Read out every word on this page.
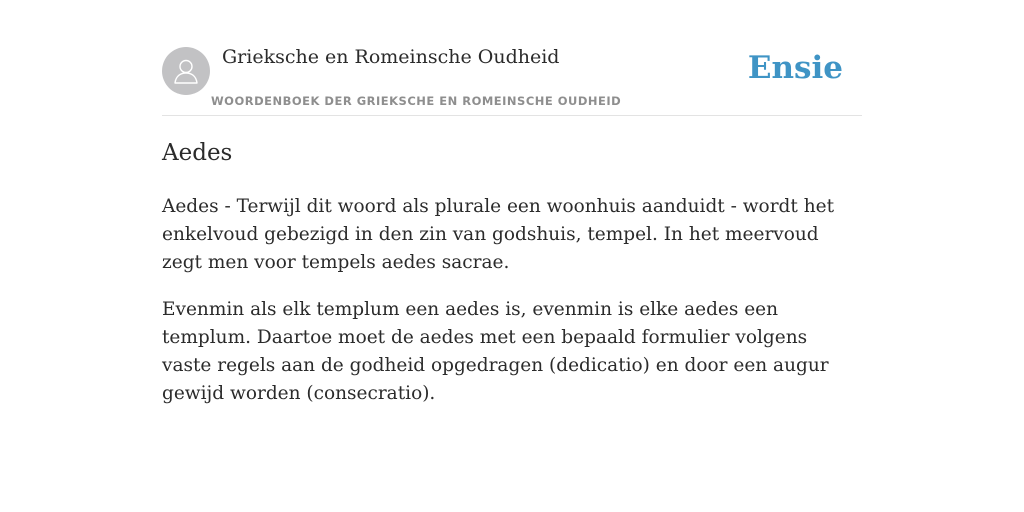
Grieksche en Romeinsche Oudheid
WOORDENBOEK DER GRIEKSCHE EN ROMEINSCHE OUDHEID
Ensie
Aedes

Aedes - Terwijl dit woord als plurale een woonhuis aanduidt - wordt het enkelvoud gebezigd in den zin van godshuis, tempel. In het meervoud zegt men voor tempels aedes sacrae.

Evenmin als elk templum een aedes is, evenmin is elke aedes een templum. Daartoe moet de aedes met een bepaald formulier volgens vaste regels aan de godheid opgedragen (dedicatio) en door een augur gewijd worden (consecratio).
